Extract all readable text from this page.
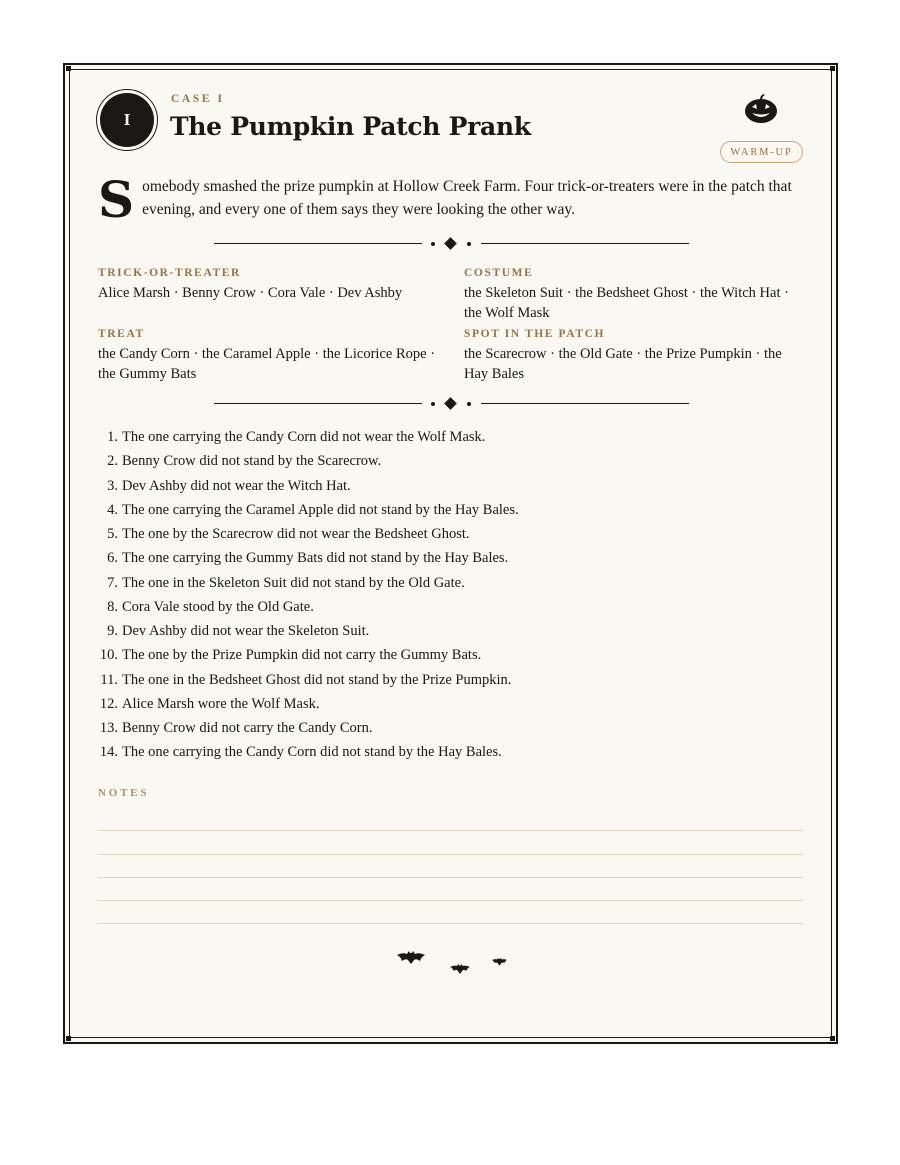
I
CASE I
The Pumpkin Patch Prank
WARM-UP
S omebody smashed the prize pumpkin at Hollow Creek Farm. Four trick-or-treaters were in the patch that evening, and every one of them says they were looking the other way.
TRICK-OR-TREATER
Alice Marsh · Benny Crow · Cora Vale · Dev Ashby
COSTUME
the Skeleton Suit · the Bedsheet Ghost · the Witch Hat · the Wolf Mask
TREAT
the Candy Corn · the Caramel Apple · the Licorice Rope · the Gummy Bats
SPOT IN THE PATCH
the Scarecrow · the Old Gate · the Prize Pumpkin · the Hay Bales
1. The one carrying the Candy Corn did not wear the Wolf Mask.
2. Benny Crow did not stand by the Scarecrow.
3. Dev Ashby did not wear the Witch Hat.
4. The one carrying the Caramel Apple did not stand by the Hay Bales.
5. The one by the Scarecrow did not wear the Bedsheet Ghost.
6. The one carrying the Gummy Bats did not stand by the Hay Bales.
7. The one in the Skeleton Suit did not stand by the Old Gate.
8. Cora Vale stood by the Old Gate.
9. Dev Ashby did not wear the Skeleton Suit.
10. The one by the Prize Pumpkin did not carry the Gummy Bats.
11. The one in the Bedsheet Ghost did not stand by the Prize Pumpkin.
12. Alice Marsh wore the Wolf Mask.
13. Benny Crow did not carry the Candy Corn.
14. The one carrying the Candy Corn did not stand by the Hay Bales.
NOTES
